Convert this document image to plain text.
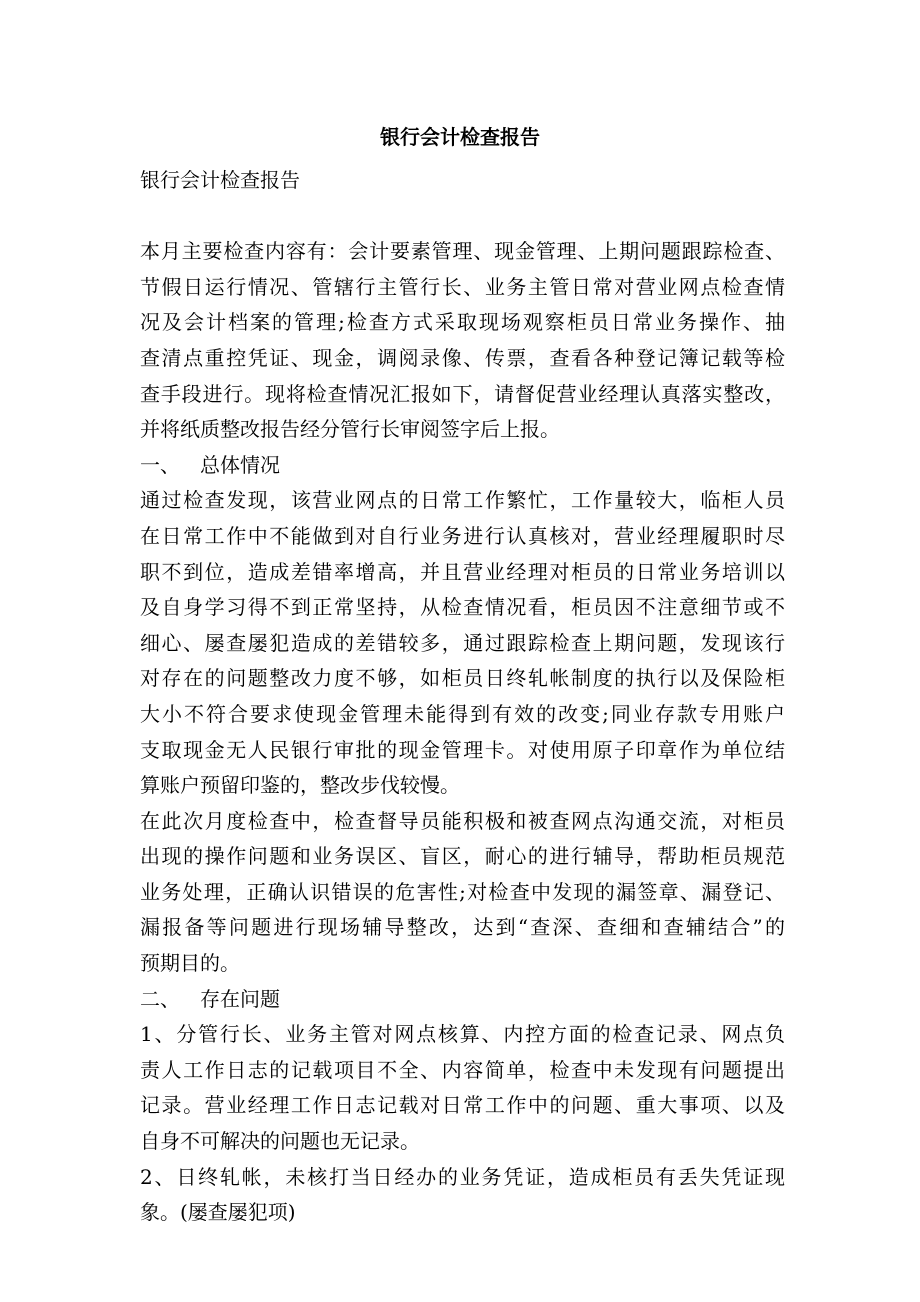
银行会计检查报告

银行会计检查报告

本月主要检查内容有：会计要素管理、现金管理、上期问题跟踪检查、
节假日运行情况、管辖行主管行长、业务主管日常对营业网点检查情
况及会计档案的管理;检查方式采取现场观察柜员日常业务操作、抽
查清点重控凭证、现金，调阅录像、传票，查看各种登记簿记载等检
查手段进行。现将检查情况汇报如下，请督促营业经理认真落实整改，
并将纸质整改报告经分管行长审阅签字后上报。

一、 总体情况

通过检查发现，该营业网点的日常工作繁忙，工作量较大，临柜人员
在日常工作中不能做到对自行业务进行认真核对，营业经理履职时尽
职不到位，造成差错率增高，并且营业经理对柜员的日常业务培训以
及自身学习得不到正常坚持，从检查情况看，柜员因不注意细节或不
细心、屡查屡犯造成的差错较多，通过跟踪检查上期问题，发现该行
对存在的问题整改力度不够，如柜员日终轧帐制度的执行以及保险柜
大小不符合要求使现金管理未能得到有效的改变;同业存款专用账户
支取现金无人民银行审批的现金管理卡。对使用原子印章作为单位结
算账户预留印鉴的，整改步伐较慢。
在此次月度检查中，检查督导员能积极和被查网点沟通交流，对柜员
出现的操作问题和业务误区、盲区，耐心的进行辅导，帮助柜员规范
业务处理，正确认识错误的危害性;对检查中发现的漏签章、漏登记、
漏报备等问题进行现场辅导整改，达到“查深、查细和查辅结合”的
预期目的。

二、 存在问题

1、分管行长、业务主管对网点核算、内控方面的检查记录、网点负
责人工作日志的记载项目不全、内容简单，检查中未发现有问题提出
记录。营业经理工作日志记载对日常工作中的问题、重大事项、以及
自身不可解决的问题也无记录。
2、日终轧帐，未核打当日经办的业务凭证，造成柜员有丢失凭证现
象。(屡查屡犯项)
